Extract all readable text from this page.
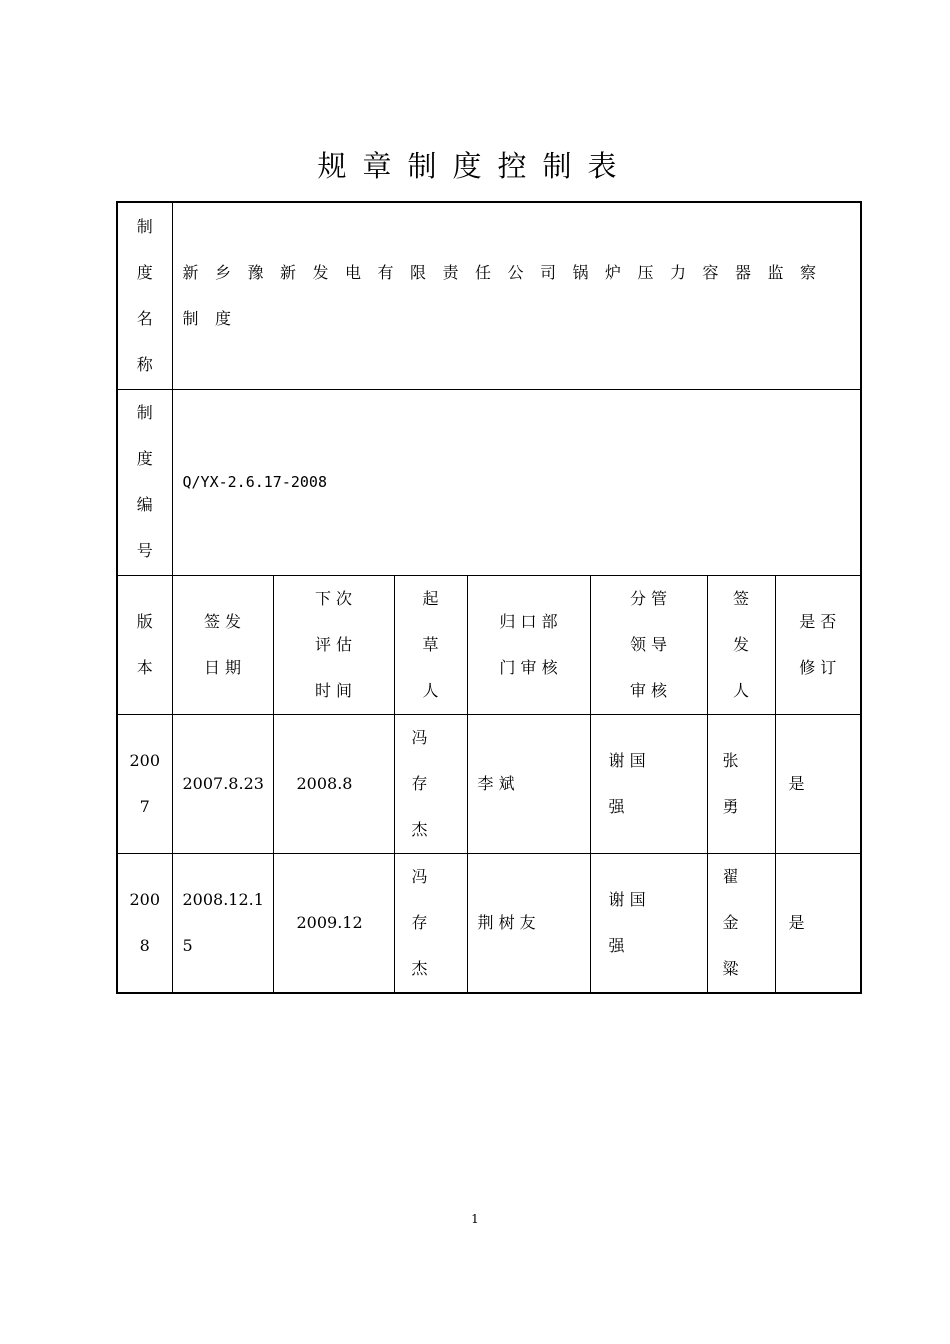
规章制度控制表
制
度
名
称	新乡豫新发电有限责任公司锅炉压力容器监察
制度						

制
度
编
号	Q/YX-2.6.17-2008						

版
本	签 发
日 期	下 次
评 估
时 间	起
草
人	归 口 部
门 审 核	分 管
领 导
审 核	签
发
人	是 否
修 订

200
7	2007.8.23	2008.8	冯
存
杰	李 斌	谢 国
强	张
勇	是

200
8	2008.12.1
5	2009.12	冯
存
杰	荆 树 友	谢 国
强	翟
金
粱	是
1
